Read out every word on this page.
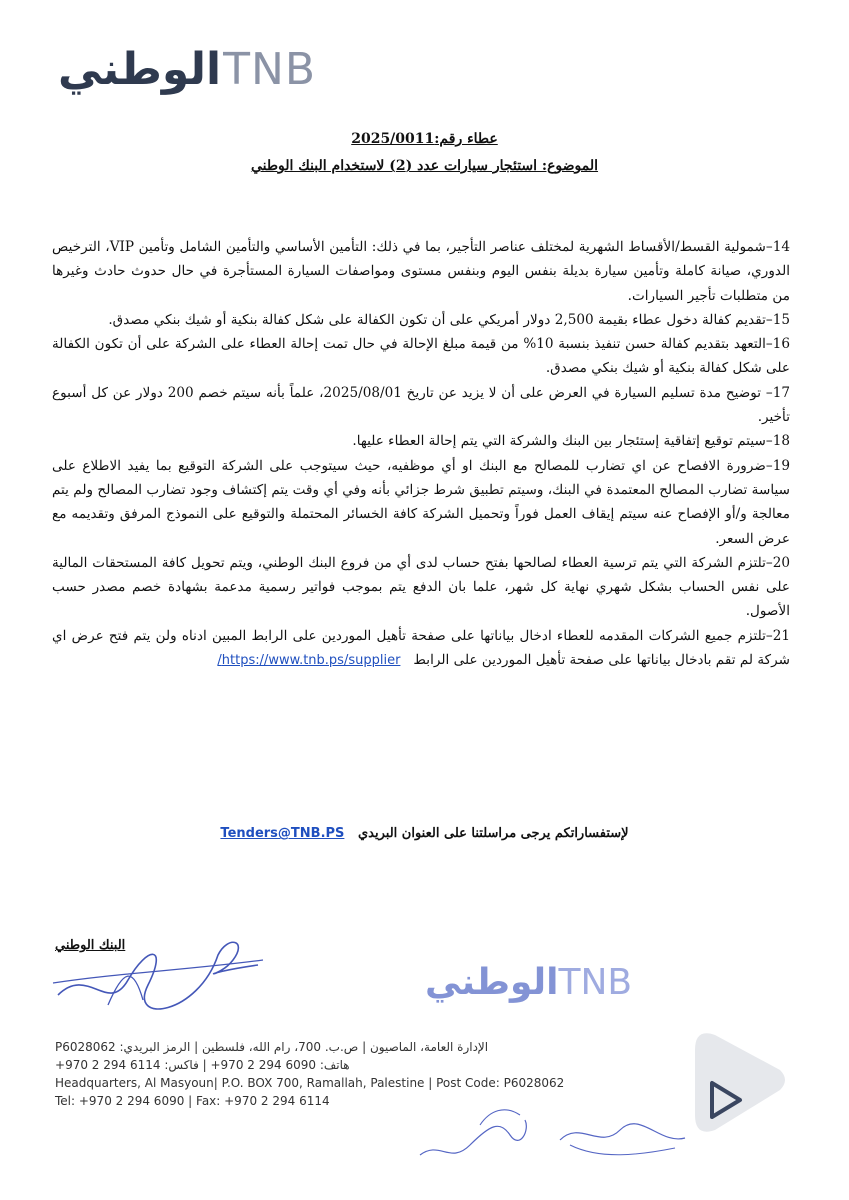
الوطني TNB
عطاء رقم:2025/0011
الموضوع: استئجار سيارات عدد (2) لاستخدام البنك الوطني

14–شمولية القسط/الأقساط الشهرية لمختلف عناصر التأجير، بما في ذلك: التأمين الأساسي والتأمين الشامل وتأمين VIP، الترخيص الدوري، صيانة كاملة وتأمين سيارة بديلة بنفس اليوم وبنفس مستوى ومواصفات السيارة المستأجرة في حال حدوث حادث وغيرها من متطلبات تأجير السيارات.

15–تقديم كفالة دخول عطاء بقيمة 2,500 دولار أمريكي على أن تكون الكفالة على شكل كفالة بنكية أو شيك بنكي مصدق.

16–التعهد بتقديم كفالة حسن تنفيذ بنسبة 10% من قيمة مبلغ الإحالة في حال تمت إحالة العطاء على الشركة على أن تكون الكفالة على شكل كفالة بنكية أو شيك بنكي مصدق.

17– توضيح مدة تسليم السيارة في العرض على أن لا يزيد عن تاريخ 2025/08/01، علماً بأنه سيتم خصم 200 دولار عن كل أسبوع تأخير.

18–سيتم توقيع إتفاقية إستئجار بين البنك والشركة التي يتم إحالة العطاء عليها.

19–ضرورة الافصاح عن اي تضارب للمصالح مع البنك او أي موظفيه، حيث سيتوجب على الشركة التوقيع بما يفيد الاطلاع على سياسة تضارب المصالح المعتمدة في البنك، وسيتم تطبيق شرط جزائي بأنه وفي أي وقت يتم إكتشاف وجود تضارب المصالح ولم يتم معالجة و/أو الإفصاح عنه سيتم إيقاف العمل فوراً وتحميل الشركة كافة الخسائر المحتملة والتوقيع على النموذج المرفق وتقديمه مع عرض السعر.

20–تلتزم الشركة التي يتم ترسية العطاء لصالحها بفتح حساب لدى أي من فروع البنك الوطني، ويتم تحويل كافة المستحقات المالية على نفس الحساب بشكل شهري نهاية كل شهر، علما بان الدفع يتم بموجب فواتير رسمية مدعمة بشهادة خصم مصدر حسب الأصول.

21–تلتزم جميع الشركات المقدمه للعطاء ادخال بياناتها على صفحة تأهيل الموردين على الرابط المبين ادناه ولن يتم فتح عرض اي شركة لم تقم بادخال بياناتها على صفحة تأهيل الموردين على الرابط   https://www.tnb.ps/supplier/

لإستفساراتكم يرجى مراسلتنا على العنوان البريدي   Tenders@TNB.PS
البنك الوطني
الوطني TNB
الإدارة العامة، الماصيون | ص.ب. 700، رام الله، فلسطين | الرمز البريدي: P6028062
هاتف: 6090 294 2 970+ | فاكس: 6114 294 2 970+
Headquarters, Al Masyoun| P.O. BOX 700, Ramallah, Palestine | Post Code: P6028062
Tel: +970 2 294 6090 | Fax: +970 2 294 6114
